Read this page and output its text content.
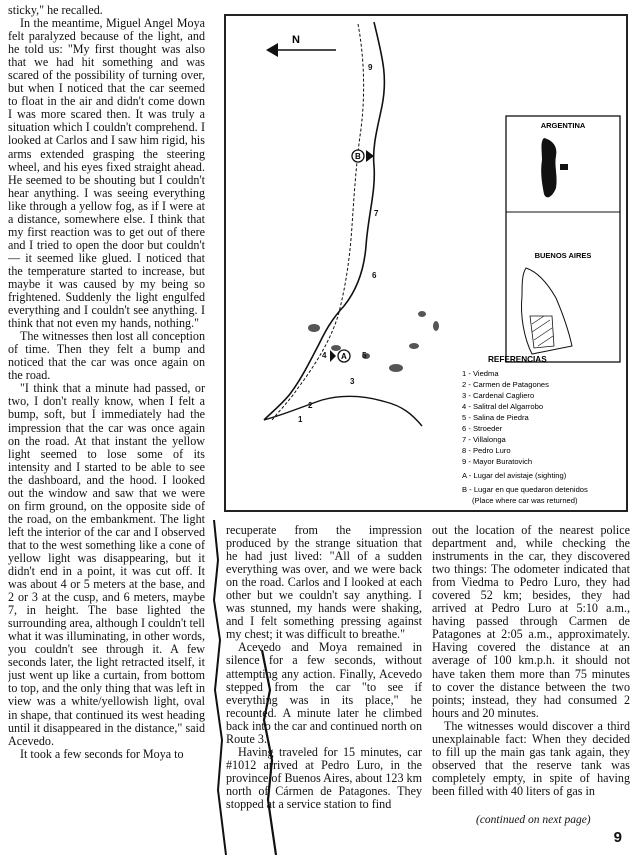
sticky," he recalled.

In the meantime, Miguel Angel Moya felt paralyzed because of the light, and he told us: "My first thought was also that we had hit something and was scared of the possibility of turning over, but when I noticed that the car seemed to float in the air and didn't come down I was more scared then. It was truly a situation which I couldn't comprehend. I looked at Carlos and I saw him rigid, his arms extended grasping the steering wheel, and his eyes fixed straight ahead. He seemed to be shouting but I couldn't hear anything. I was seeing everything like through a yellow fog, as if I were at a distance, somewhere else. I think that my first reaction was to get out of there and I tried to open the door but couldn't — it seemed like glued. I noticed that the temperature started to increase, but maybe it was caused by my being so frightened. Suddenly the light engulfed everything and I couldn't see anything. I think that not even my hands, nothing."

The witnesses then lost all conception of time. Then they felt a bump and noticed that the car was once again on the road.

"I think that a minute had passed, or two, I don't really know, when I felt a bump, soft, but I immediately had the impression that the car was once again on the road. At that instant the yellow light seemed to lose some of its intensity and I started to be able to see the dashboard, and the hood. I looked out the window and saw that we were on firm ground, on the opposite side of the road, on the embankment. The light left the interior of the car and I observed that to the west something like a cone of yellow light was disappearing, but it didn't end in a point, it was cut off. It was about 4 or 5 meters at the base, and 2 or 3 at the cusp, and 6 meters, maybe 7, in height. The base lighted the surrounding area, although I couldn't tell what it was illuminating, in other words, you couldn't see through it. A few seconds later, the light retracted itself, it just went up like a curtain, from bottom to top, and the only thing that was left in view was a white/yellowish light, oval in shape, that continued its west heading until it disappeared in the distance," said Acevedo.

It took a few seconds for Moya to

N
9
7
6
4	5
3
2
1
B
A
ARGENTINA
BUENOS AIRES
REFERENCIAS
1 - Viedma
2 - Carmen de Patagones
3 - Cardenal Cagliero
4 - Salitral del Algarrobo
5 - Salina de Piedra
6 - Stroeder
7 - Villalonga
8 - Pedro Luro
9 - Mayor Buratovich
A - Lugar del avistaje (sighting)
B - Lugar en que quedaron detenidos
(Place where car was returned)

recuperate from the impression produced by the strange situation that he had just lived: "All of a sudden everything was over, and we were back on the road. Carlos and I looked at each other but we couldn't say anything. I was stunned, my hands were shaking, and I felt something pressing against my chest; it was difficult to breathe."

Acevedo and Moya remained in silence for a few seconds, without attempting any action. Finally, Acevedo stepped from the car "to see if everything was in its place," he recounted. A minute later he climbed back into the car and continued north on Route 3.

Having traveled for 15 minutes, car #1012 arrived at Pedro Luro, in the province of Buenos Aires, about 123 km north of Cármen de Patagones. They stopped at a service station to find

out the location of the nearest police department and, while checking the instruments in the car, they discovered two things: The odometer indicated that from Viedma to Pedro Luro, they had covered 52 km; besides, they had arrived at Pedro Luro at 5:10 a.m., having passed through Carmen de Patagones at 2:05 a.m., approximately. Having covered the distance at an average of 100 km.p.h. it should not have taken them more than 75 minutes to cover the distance between the two points; instead, they had consumed 2 hours and 20 minutes.

The witnesses would discover a third unexplainable fact: When they decided to fill up the main gas tank again, they observed that the reserve tank was completely empty, in spite of having been filled with 40 liters of gas in

(continued on next page)
9
